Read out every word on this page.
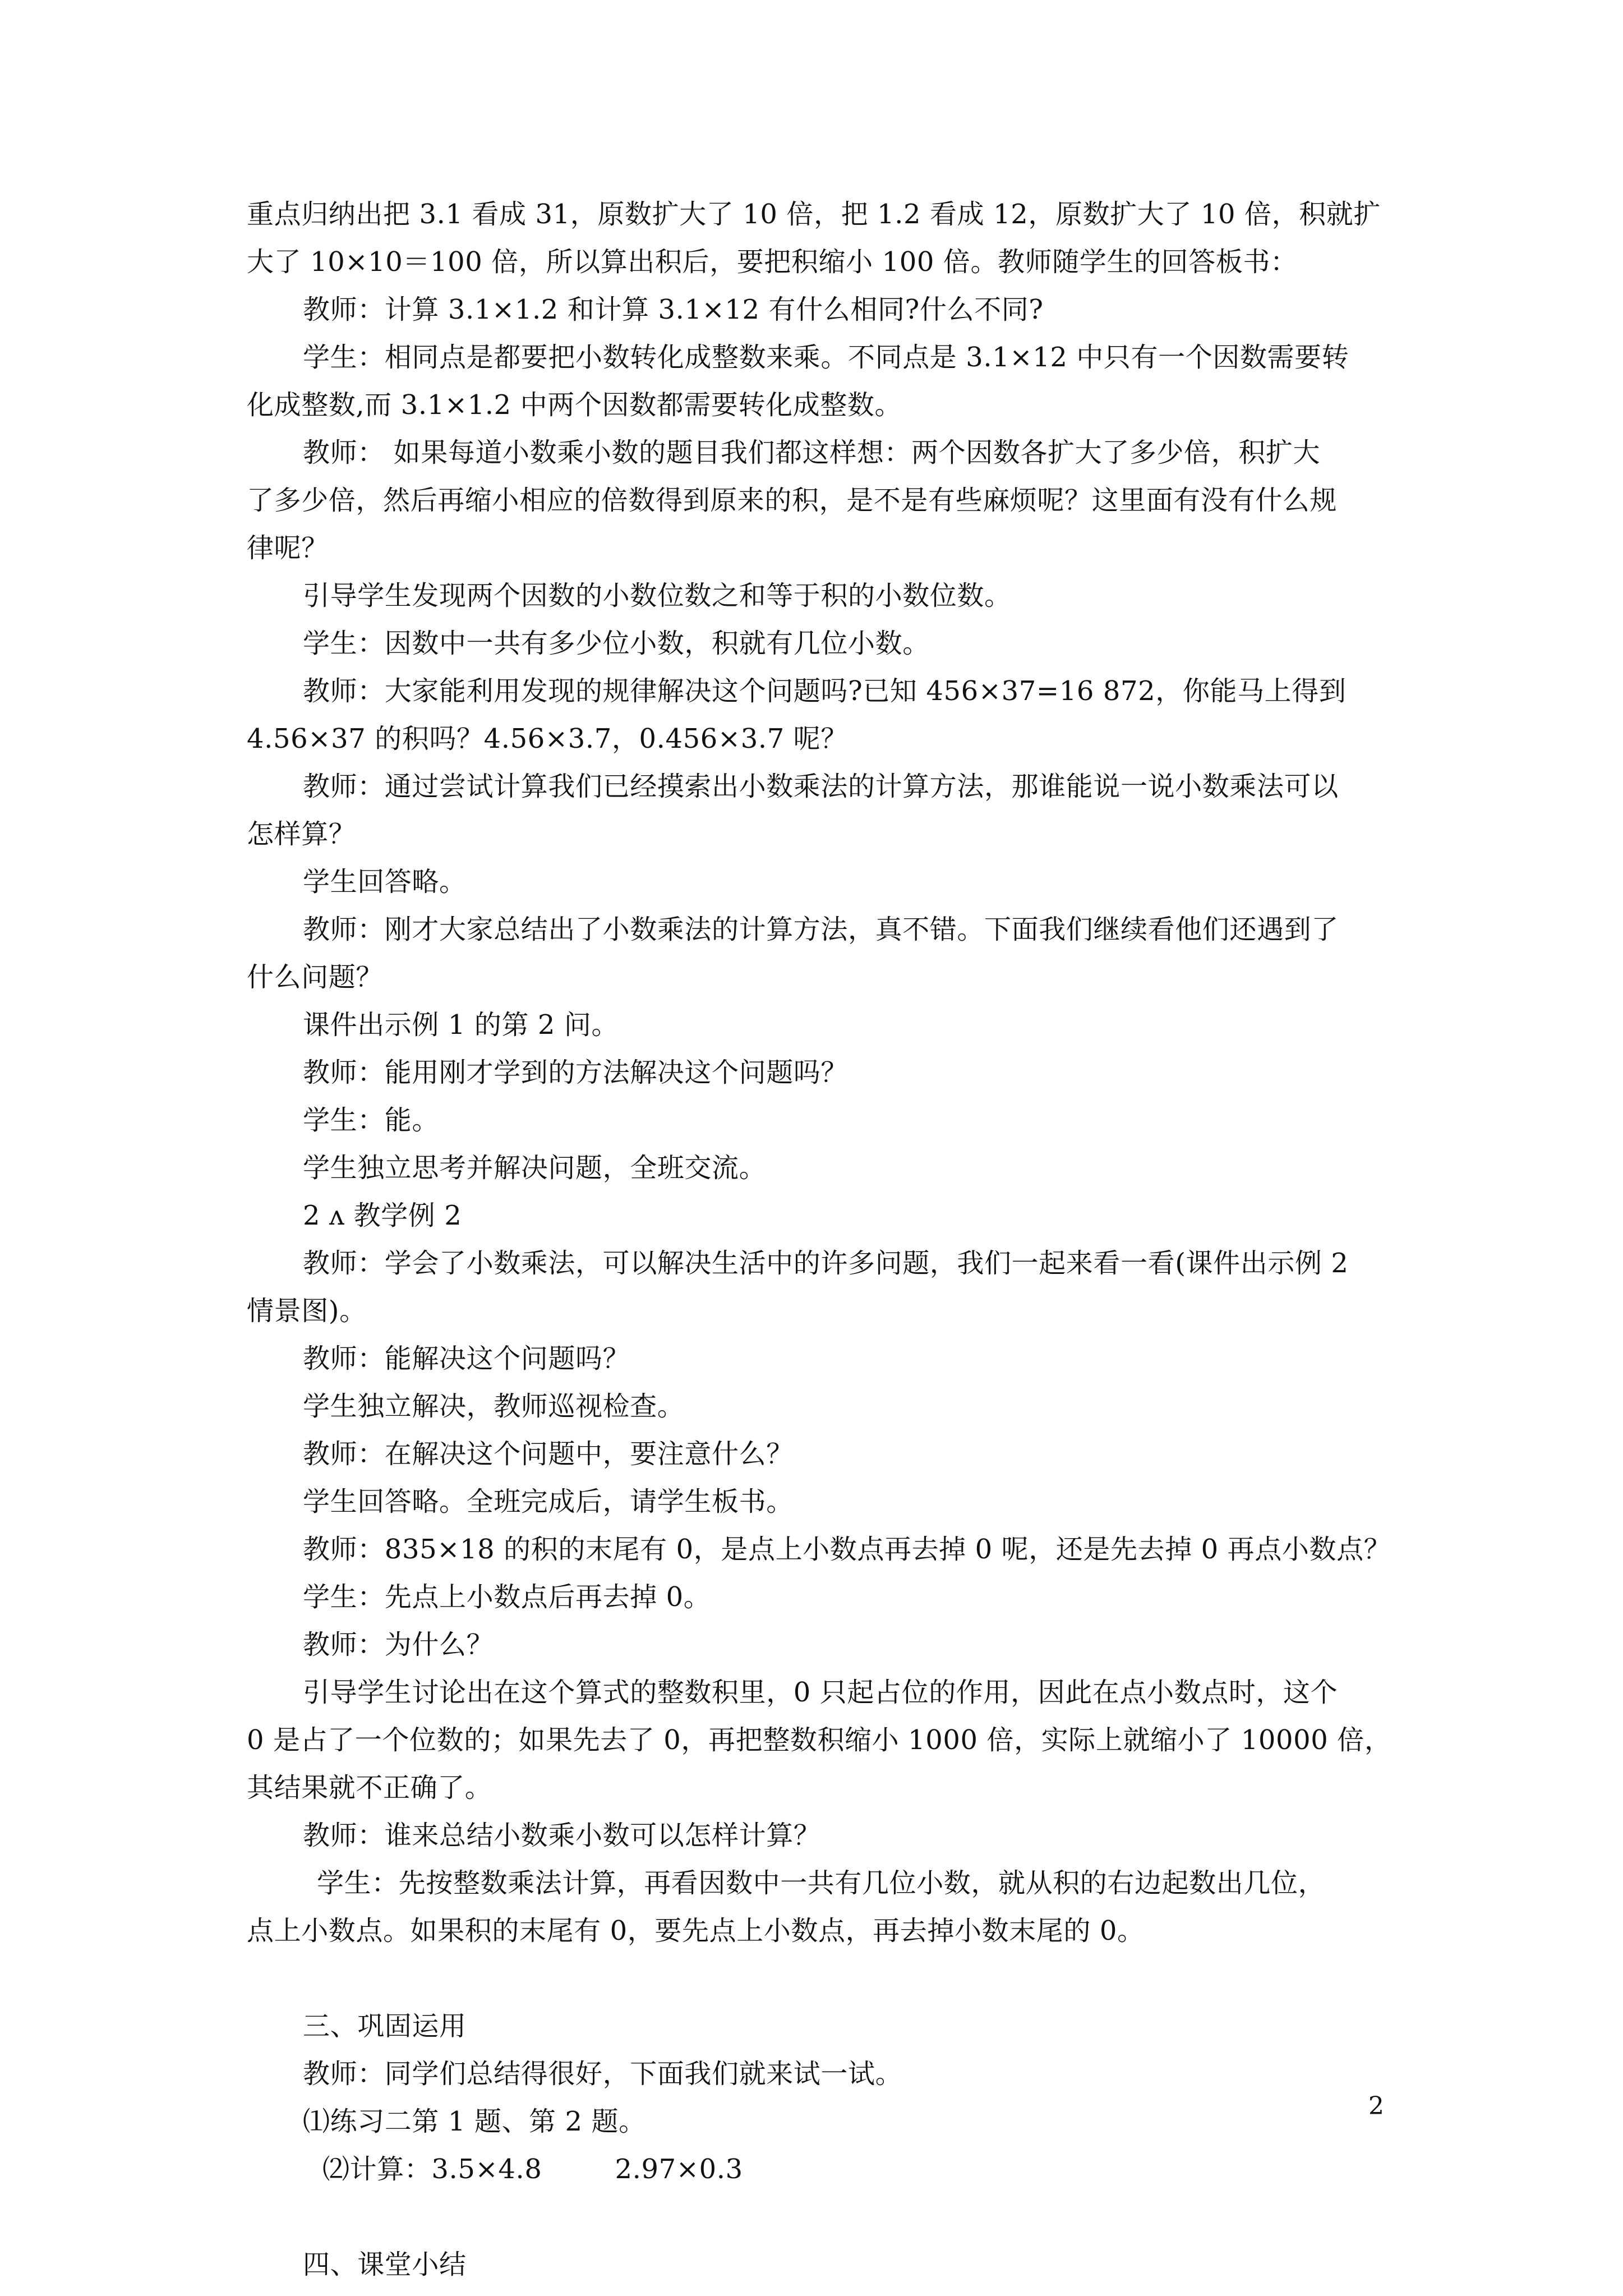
重点归纳出把 3.1 看成 31，原数扩大了 10 倍，把 1.2 看成 12，原数扩大了 10 倍，积就扩
大了 10×10＝100 倍，所以算出积后，要把积缩小 100 倍。教师随学生的回答板书：
教师：计算 3.1×1.2 和计算 3.1×12 有什么相同?什么不同?
学生：相同点是都要把小数转化成整数来乘。不同点是 3.1×12 中只有一个因数需要转
化成整数,而 3.1×1.2 中两个因数都需要转化成整数。
教师： 如果每道小数乘小数的题目我们都这样想：两个因数各扩大了多少倍，积扩大
了多少倍，然后再缩小相应的倍数得到原来的积，是不是有些麻烦呢？这里面有没有什么规
律呢？
引导学生发现两个因数的小数位数之和等于积的小数位数。
学生：因数中一共有多少位小数，积就有几位小数。
教师：大家能利用发现的规律解决这个问题吗?已知 456×37=16 872，你能马上得到
4.56×37 的积吗？4.56×3.7，0.456×3.7 呢？
教师：通过尝试计算我们已经摸索出小数乘法的计算方法，那谁能说一说小数乘法可以
怎样算？
学生回答略。
教师：刚才大家总结出了小数乘法的计算方法，真不错。下面我们继续看他们还遇到了
什么问题？
课件出示例 1 的第 2 问。
教师：能用刚才学到的方法解决这个问题吗？
学生：能。
学生独立思考并解决问题，全班交流。
2 ʌ 教学例 2
教师：学会了小数乘法，可以解决生活中的许多问题，我们一起来看一看(课件出示例 2
情景图)。
教师：能解决这个问题吗？
学生独立解决，教师巡视检查。
教师：在解决这个问题中，要注意什么？
学生回答略。全班完成后，请学生板书。
教师：835×18 的积的末尾有 0，是点上小数点再去掉 0 呢，还是先去掉 0 再点小数点？
学生：先点上小数点后再去掉 0。
教师：为什么？
引导学生讨论出在这个算式的整数积里，0 只起占位的作用，因此在点小数点时，这个
0 是占了一个位数的；如果先去了 0，再把整数积缩小 1000 倍，实际上就缩小了 10000 倍，
其结果就不正确了。
教师：谁来总结小数乘小数可以怎样计算？
学生：先按整数乘法计算，再看因数中一共有几位小数，就从积的右边起数出几位，
点上小数点。如果积的末尾有 0，要先点上小数点，再去掉小数末尾的 0。
三、巩固运用
教师：同学们总结得很好，下面我们就来试一试。
⑴练习二第 1 题、第 2 题。
⑵计算：3.5×4.8	2.97×0.3
四、课堂小结
2
